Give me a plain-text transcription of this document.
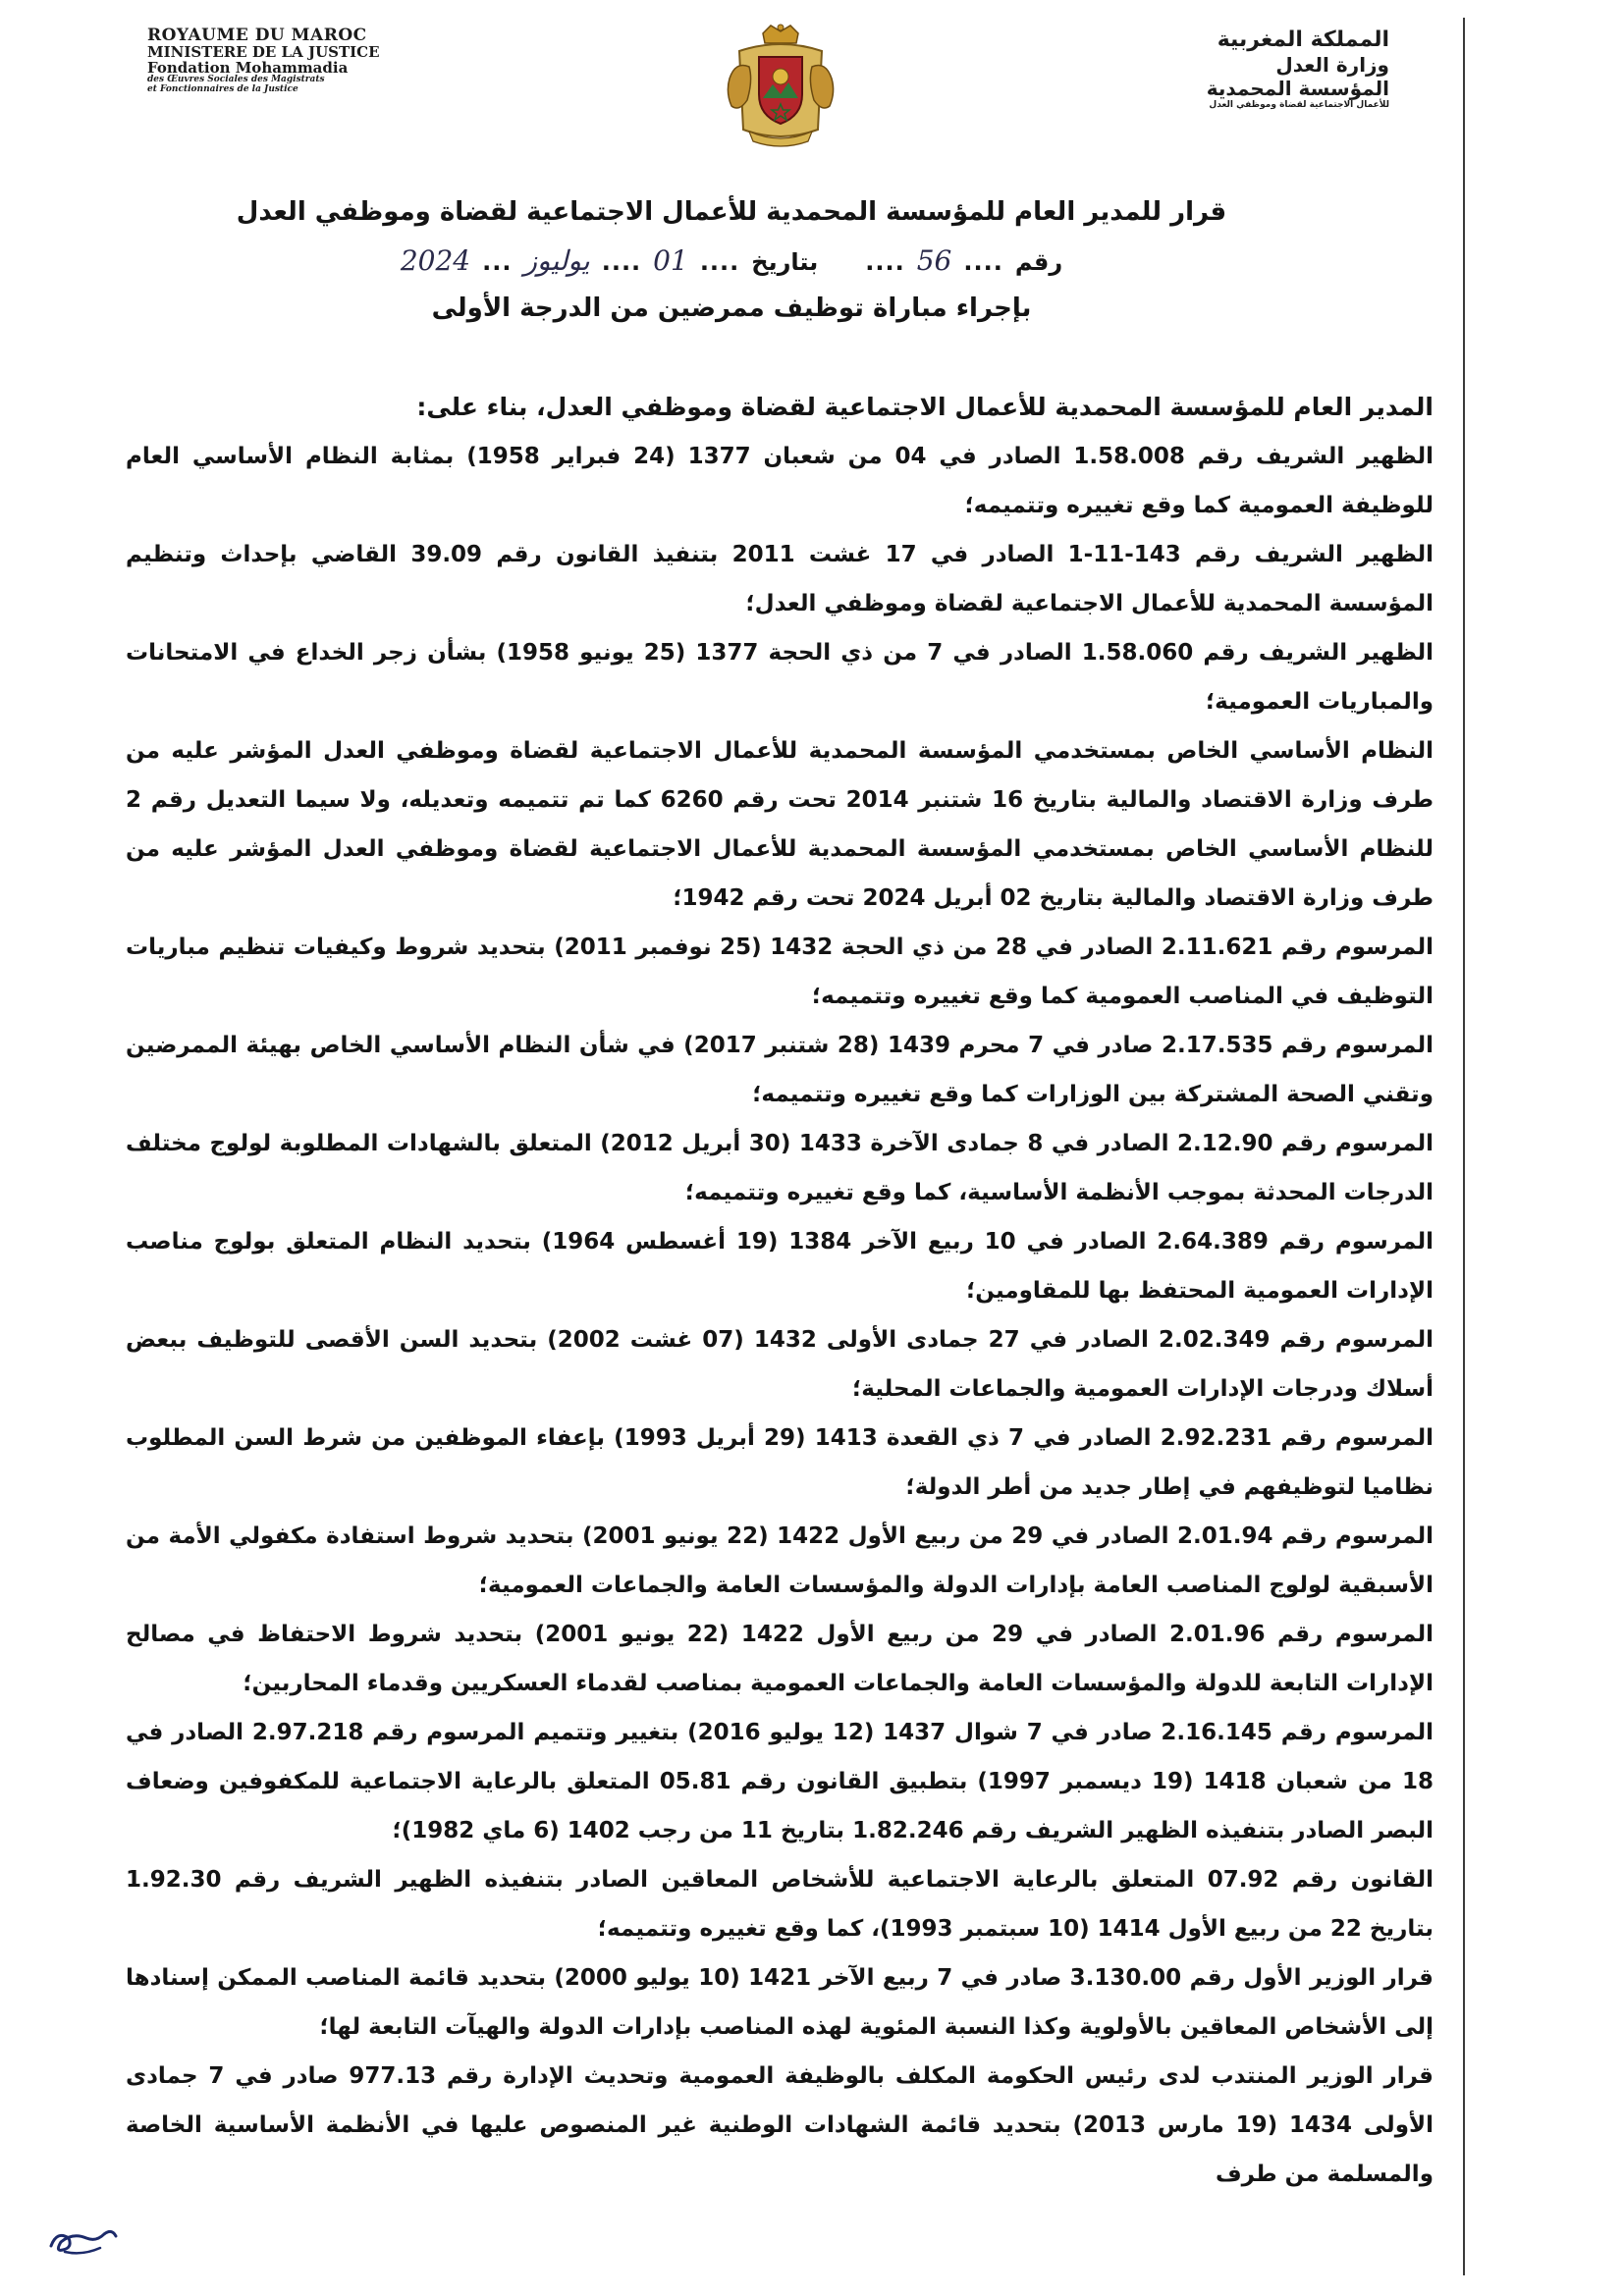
ROYAUME DU MAROC
MINISTERE DE LA JUSTICE
Fondation Mohammadia
des Œuvres Sociales des Magistrats
et Fonctionnaires de la Justice
المملكة المغربية
وزارة العدل
المؤسسة المحمدية
للأعمال الاجتماعية لقضاة وموظفي العدل
قرار للمدير العام للمؤسسة المحمدية للأعمال الاجتماعية لقضاة وموظفي العدل
رقم
....
56
....
بتاريخ
....
01
....
يوليوز
...
2024
بإجراء مباراة توظيف ممرضين من الدرجة الأولى

المدير العام للمؤسسة المحمدية للأعمال الاجتماعية لقضاة وموظفي العدل، بناء على:

الظهير الشريف رقم 1.58.008 الصادر في 04 من شعبان 1377 (24 فبراير 1958) بمثابة النظام الأساسي العام للوظيفة العمومية كما وقع تغييره وتتميمه؛

الظهير الشريف رقم 143-11-1 الصادر في 17 غشت 2011 بتنفيذ القانون رقم 39.09 القاضي بإحداث وتنظيم المؤسسة المحمدية للأعمال الاجتماعية لقضاة وموظفي العدل؛

الظهير الشريف رقم 1.58.060 الصادر في 7 من ذي الحجة 1377 (25 يونيو 1958) بشأن زجر الخداع في الامتحانات والمباريات العمومية؛

النظام الأساسي الخاص بمستخدمي المؤسسة المحمدية للأعمال الاجتماعية لقضاة وموظفي العدل المؤشر عليه من طرف وزارة الاقتصاد والمالية بتاريخ 16 شتنبر 2014 تحت رقم 6260 كما تم تتميمه وتعديله، ولا سيما التعديل رقم 2 للنظام الأساسي الخاص بمستخدمي المؤسسة المحمدية للأعمال الاجتماعية لقضاة وموظفي العدل المؤشر عليه من طرف وزارة الاقتصاد والمالية بتاريخ 02 أبريل 2024 تحت رقم 1942؛

المرسوم رقم 2.11.621 الصادر في 28 من ذي الحجة 1432 (25 نوفمبر 2011) بتحديد شروط وكيفيات تنظيم مباريات التوظيف في المناصب العمومية كما وقع تغييره وتتميمه؛

المرسوم رقم 2.17.535 صادر في 7 محرم 1439 (28 شتنبر 2017) في شأن النظام الأساسي الخاص بهيئة الممرضين وتقني الصحة المشتركة بين الوزارات كما وقع تغييره وتتميمه؛

المرسوم رقم 2.12.90 الصادر في 8 جمادى الآخرة 1433 (30 أبريل 2012) المتعلق بالشهادات المطلوبة لولوج مختلف الدرجات المحدثة بموجب الأنظمة الأساسية، كما وقع تغييره وتتميمه؛

المرسوم رقم 2.64.389 الصادر في 10 ربيع الآخر 1384 (19 أغسطس 1964) بتحديد النظام المتعلق بولوج مناصب الإدارات العمومية المحتفظ بها للمقاومين؛

المرسوم رقم 2.02.349 الصادر في 27 جمادى الأولى 1432 (07 غشت 2002) بتحديد السن الأقصى للتوظيف ببعض أسلاك ودرجات الإدارات العمومية والجماعات المحلية؛

المرسوم رقم 2.92.231 الصادر في 7 ذي القعدة 1413 (29 أبريل 1993) بإعفاء الموظفين من شرط السن المطلوب نظاميا لتوظيفهم في إطار جديد من أطر الدولة؛

المرسوم رقم 2.01.94 الصادر في 29 من ربيع الأول 1422 (22 يونيو 2001) بتحديد شروط استفادة مكفولي الأمة من الأسبقية لولوج المناصب العامة بإدارات الدولة والمؤسسات العامة والجماعات العمومية؛

المرسوم رقم 2.01.96 الصادر في 29 من ربيع الأول 1422 (22 يونيو 2001) بتحديد شروط الاحتفاظ في مصالح الإدارات التابعة للدولة والمؤسسات العامة والجماعات العمومية بمناصب لقدماء العسكريين وقدماء المحاربين؛

المرسوم رقم 2.16.145 صادر في 7 شوال 1437 (12 يوليو 2016) بتغيير وتتميم المرسوم رقم 2.97.218 الصادر في 18 من شعبان 1418 (19 ديسمبر 1997) بتطبيق القانون رقم 05.81 المتعلق بالرعاية الاجتماعية للمكفوفين وضعاف البصر الصادر بتنفيذه الظهير الشريف رقم 1.82.246 بتاريخ 11 من رجب 1402 (6 ماي 1982)؛

القانون رقم 07.92 المتعلق بالرعاية الاجتماعية للأشخاص المعاقين الصادر بتنفيذه الظهير الشريف رقم 1.92.30 بتاريخ 22 من ربيع الأول 1414 (10 سبتمبر 1993)، كما وقع تغييره وتتميمه؛

قرار الوزير الأول رقم 3.130.00 صادر في 7 ربيع الآخر 1421 (10 يوليو 2000) بتحديد قائمة المناصب الممكن إسنادها إلى الأشخاص المعاقين بالأولوية وكذا النسبة المئوية لهذه المناصب بإدارات الدولة والهيآت التابعة لها؛

قرار الوزير المنتدب لدى رئيس الحكومة المكلف بالوظيفة العمومية وتحديث الإدارة رقم 977.13 صادر في 7 جمادى الأولى 1434 (19 مارس 2013) بتحديد قائمة الشهادات الوطنية غير المنصوص عليها في الأنظمة الأساسية الخاصة والمسلمة من طرف
